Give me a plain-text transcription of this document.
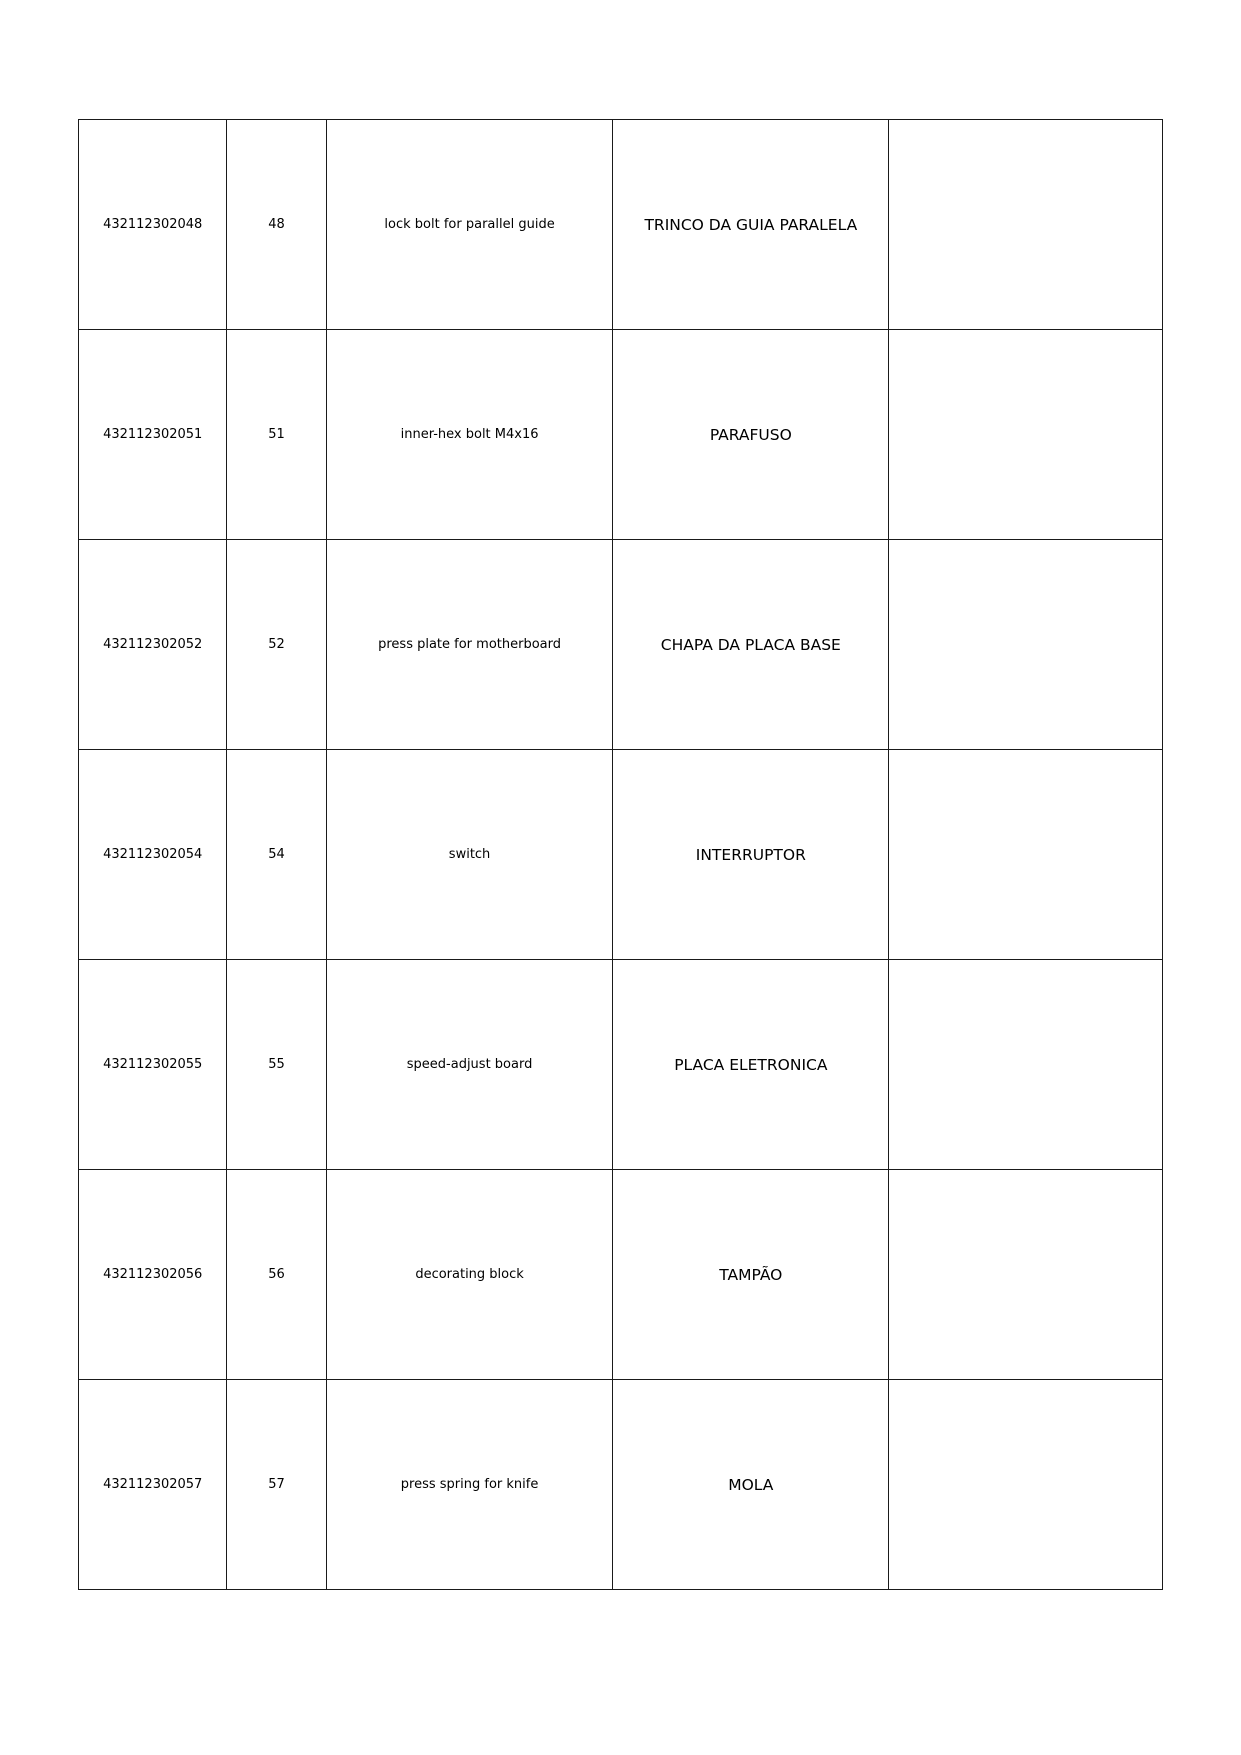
432112302048	48	lock bolt for parallel guide	TRINCO DA GUIA PARALELA	
432112302051	51	inner-hex bolt M4x16	PARAFUSO	
432112302052	52	press plate for motherboard	CHAPA DA PLACA BASE	
432112302054	54	switch	INTERRUPTOR	
432112302055	55	speed-adjust board	PLACA ELETRONICA	
432112302056	56	decorating block	TAMPÃO	
432112302057	57	press spring for knife	MOLA	
